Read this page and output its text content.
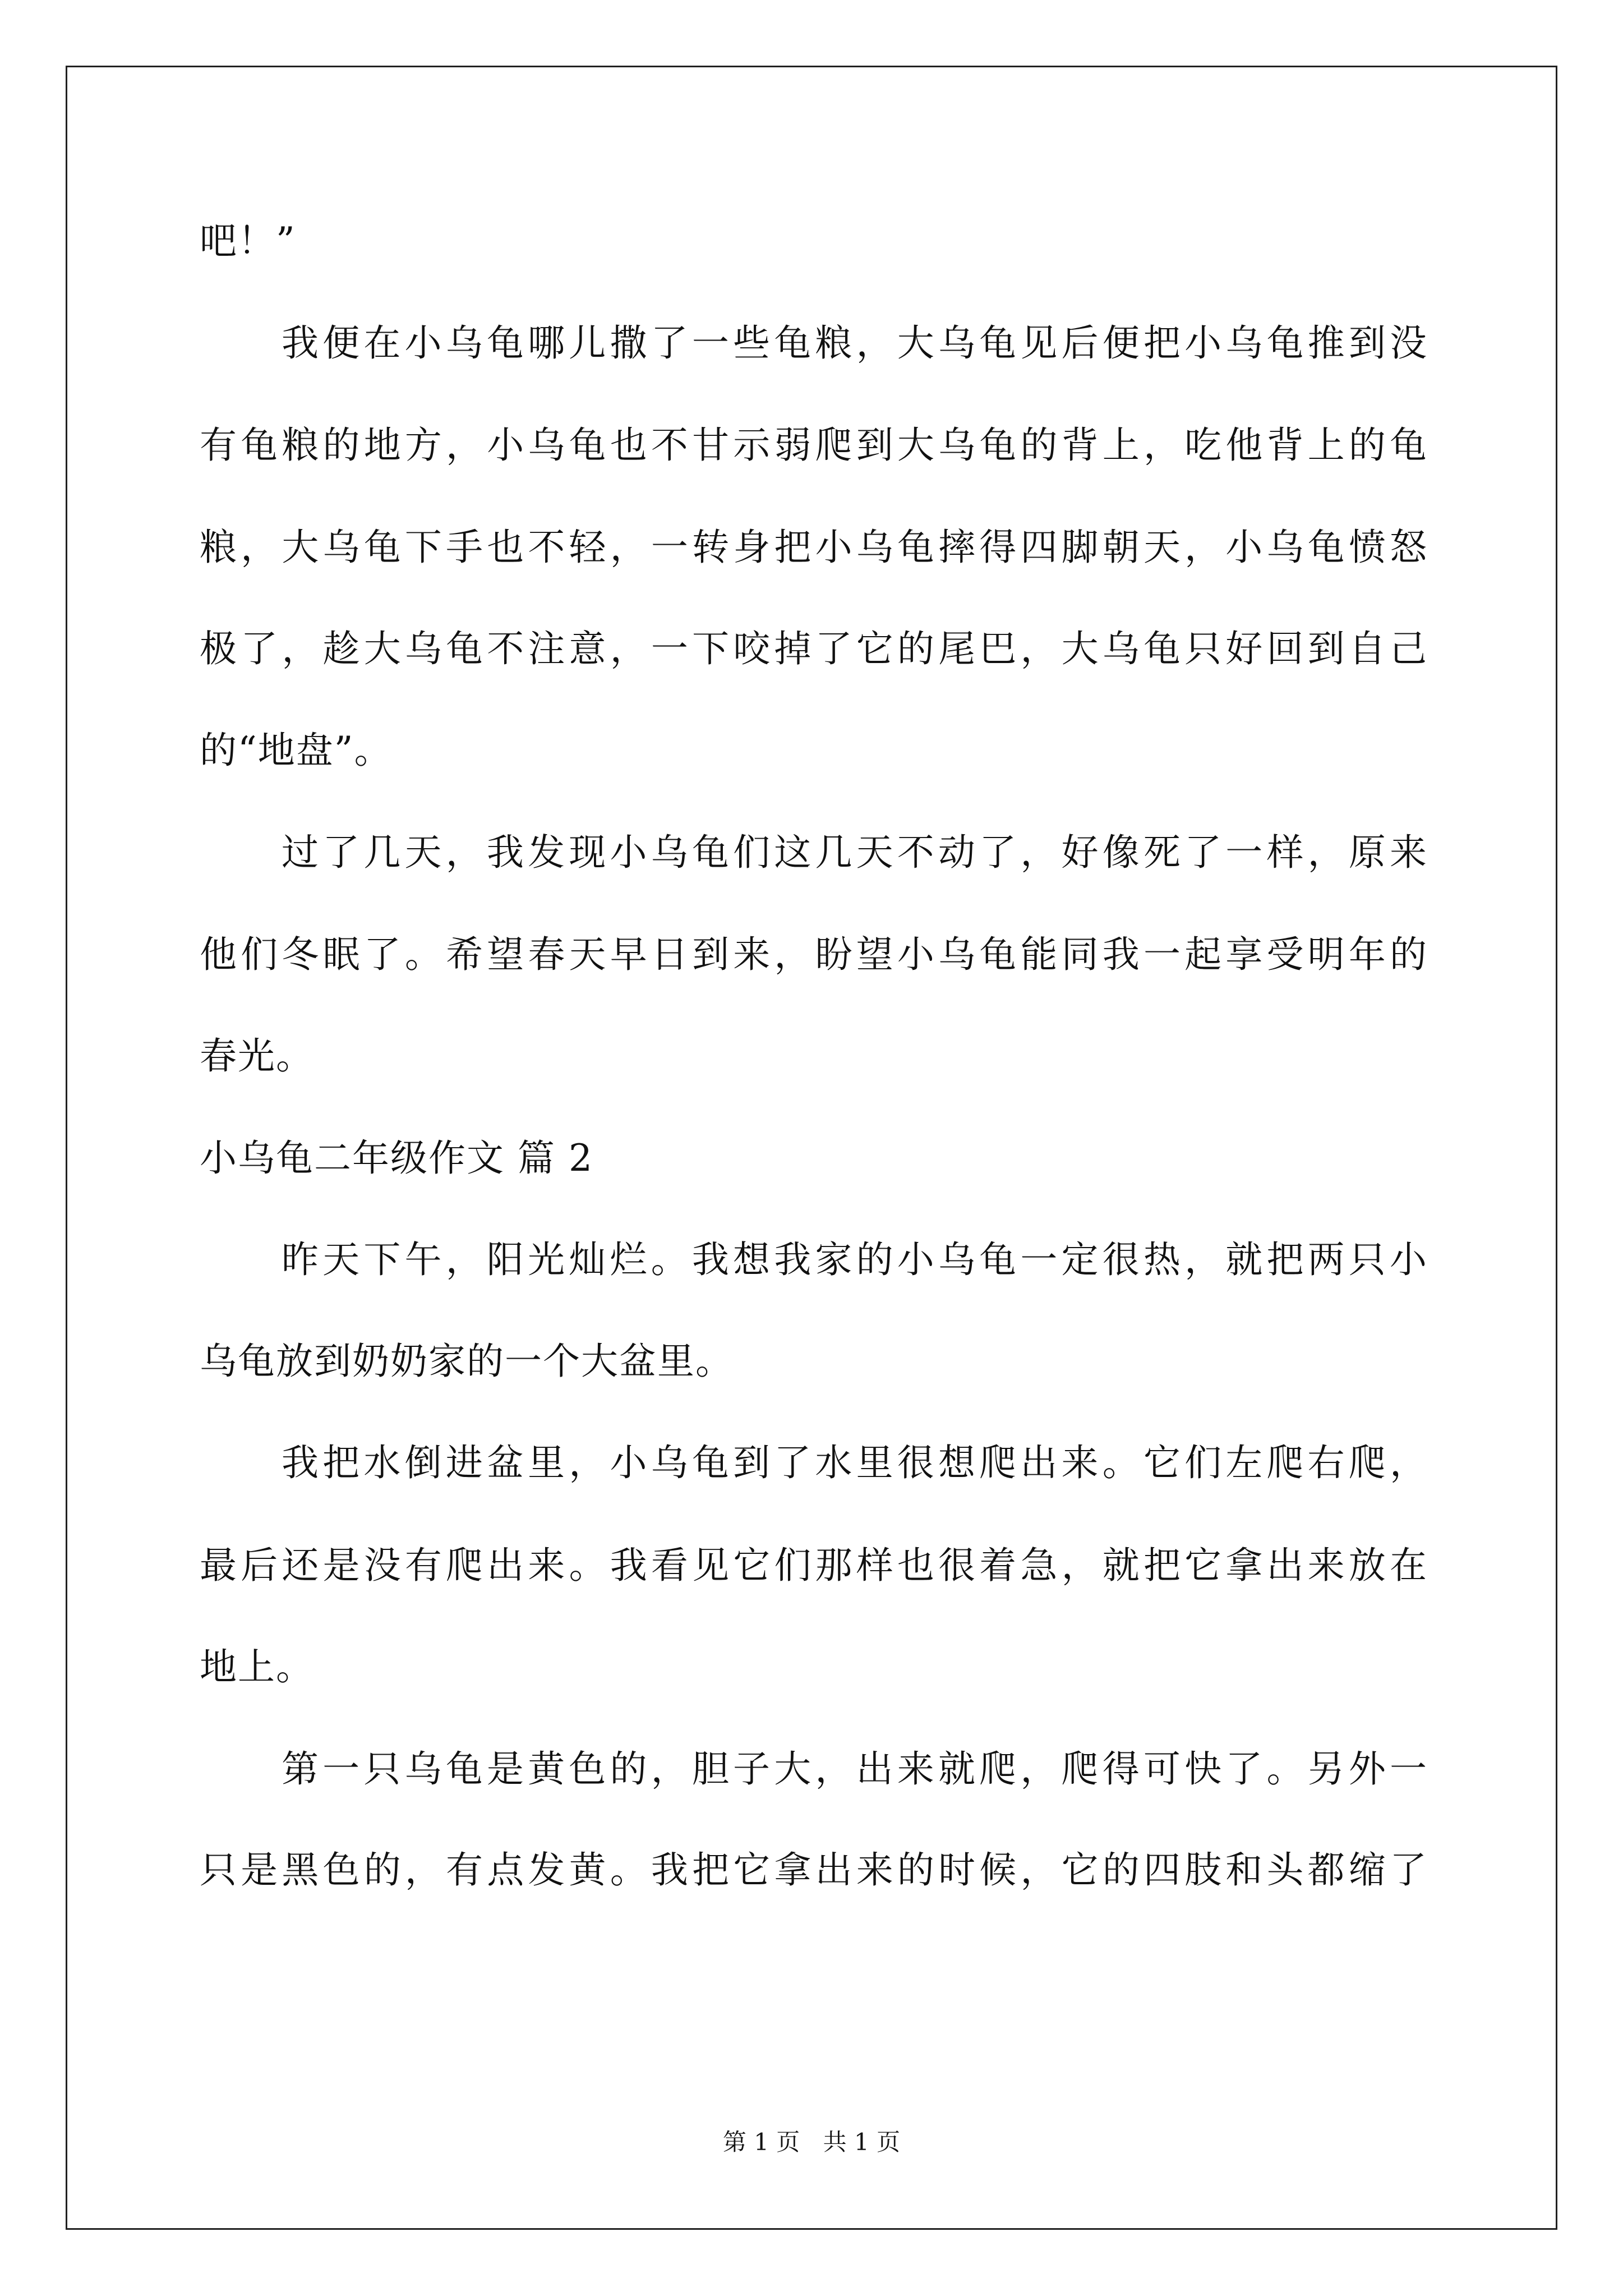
吧！”
我便在小乌龟哪儿撒了一些龟粮，大乌龟见后便把小乌龟推到没
有龟粮的地方，小乌龟也不甘示弱爬到大乌龟的背上，吃他背上的龟
粮，大乌龟下手也不轻，一转身把小乌龟摔得四脚朝天，小乌龟愤怒
极了，趁大乌龟不注意，一下咬掉了它的尾巴，大乌龟只好回到自己
的“地盘”。
过了几天，我发现小乌龟们这几天不动了，好像死了一样，原来
他们冬眠了。希望春天早日到来，盼望小乌龟能同我一起享受明年的
春光。
小乌龟二年级作文 篇 2
昨天下午，阳光灿烂。我想我家的小乌龟一定很热，就把两只小
乌龟放到奶奶家的一个大盆里。
我把水倒进盆里，小乌龟到了水里很想爬出来。它们左爬右爬，
最后还是没有爬出来。我看见它们那样也很着急，就把它拿出来放在
地上。
第一只乌龟是黄色的，胆子大，出来就爬，爬得可快了。另外一
只是黑色的，有点发黄。我把它拿出来的时候，它的四肢和头都缩了
第 1 页 共 1 页
